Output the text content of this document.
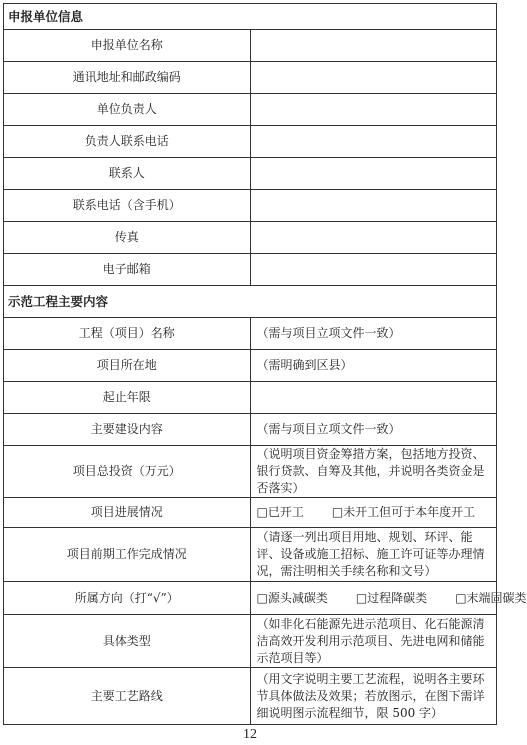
申报单位信息	
申报单位名称	
通讯地址和邮政编码	
单位负责人	
负责人联系电话	
联系人	
联系电话（含手机）	
传真	
电子邮箱	
示范工程主要内容	
工程（项目）名称	（需与项目立项文件一致）
项目所在地	（需明确到区县）
起止年限	
主要建设内容	（需与项目立项文件一致）
项目总投资（万元）	（说明项目资金筹措方案，包括地方投资、银行贷款、自筹及其他，并说明各类资金是否落实）
项目进展情况	□已开工 □未开工但可于本年度开工

项目前期工作完成情况	（请逐一列出项目用地、规划、环评、能评、设备或施工招标、施工许可证等办理情况，需注明相关手续名称和文号）
所属方向（打“√”）	□源头减碳类 □过程降碳类 □末端固碳类

具体类型	（如非化石能源先进示范项目、化石能源清洁高效开发利用示范项目、先进电网和储能示范项目等）
主要工艺路线	（用文字说明主要工艺流程，说明各主要环节具体做法及效果；若放图示，在图下需详细说明图示流程细节，限 500 字）
12
